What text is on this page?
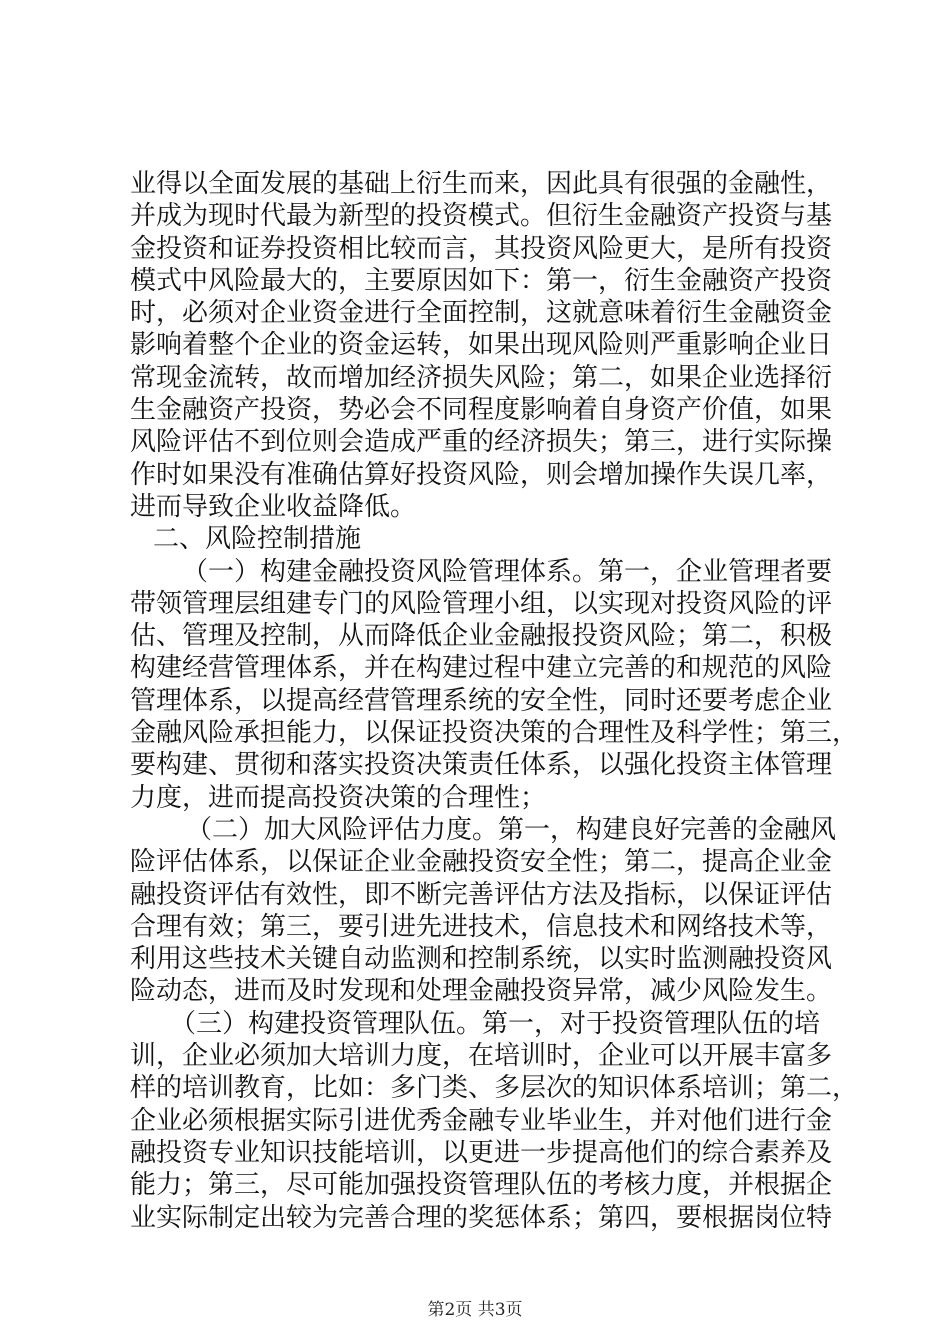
业得以全面发展的基础上衍生而来，因此具有很强的金融性，
并成为现时代最为新型的投资模式。但衍生金融资产投资与基
金投资和证券投资相比较而言，其投资风险更大，是所有投资
模式中风险最大的，主要原因如下：第一，衍生金融资产投资
时，必须对企业资金进行全面控制，这就意味着衍生金融资金
影响着整个企业的资金运转，如果出现风险则严重影响企业日
常现金流转，故而增加经济损失风险；第二，如果企业选择衍
生金融资产投资，势必会不同程度影响着自身资产价值，如果
风险评估不到位则会造成严重的经济损失；第三，进行实际操
作时如果没有准确估算好投资风险，则会增加操作失误几率，
进而导致企业收益降低。
二、风险控制措施
（一）构建金融投资风险管理体系。第一，企业管理者要
带领管理层组建专门的风险管理小组，以实现对投资风险的评
估、管理及控制，从而降低企业金融报投资风险；第二，积极
构建经营管理体系，并在构建过程中建立完善的和规范的风险
管理体系，以提高经营管理系统的安全性，同时还要考虑企业
金融风险承担能力，以保证投资决策的合理性及科学性；第三，
要构建、贯彻和落实投资决策责任体系，以强化投资主体管理
力度，进而提高投资决策的合理性；
（二）加大风险评估力度。第一，构建良好完善的金融风
险评估体系，以保证企业金融投资安全性；第二，提高企业金
融投资评估有效性，即不断完善评估方法及指标，以保证评估
合理有效；第三，要引进先进技术，信息技术和网络技术等，
利用这些技术关键自动监测和控制系统，以实时监测融投资风
险动态，进而及时发现和处理金融投资异常，减少风险发生。
（三）构建投资管理队伍。第一，对于投资管理队伍的培
训，企业必须加大培训力度，在培训时，企业可以开展丰富多
样的培训教育，比如：多门类、多层次的知识体系培训；第二，
企业必须根据实际引进优秀金融专业毕业生，并对他们进行金
融投资专业知识技能培训，以更进一步提高他们的综合素养及
能力；第三，尽可能加强投资管理队伍的考核力度，并根据企
业实际制定出较为完善合理的奖惩体系；第四，要根据岗位特
第2页 共3页
